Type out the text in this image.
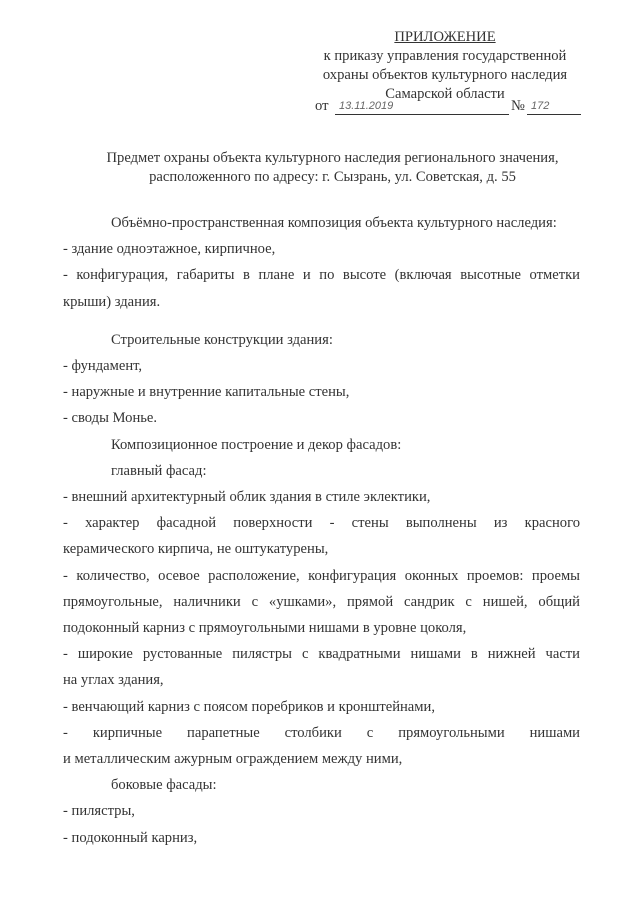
ПРИЛОЖЕНИЕ
к приказу управления государственной
охраны объектов культурного наследия
Самарской области
от 13.11.2019	№ 172
Предмет охраны объекта культурного наследия регионального значения,
расположенного по адресу: г. Сызрань, ул. Советская, д. 55

Объёмно-пространственная композиция объекта культурного наследия:

- здание одноэтажное, кирпичное,

- конфигурация, габариты в плане и по высоте (включая высотные отметки

крыши) здания.

Строительные конструкции здания:

- фундамент,

- наружные и внутренние капитальные стены,

- своды Монье.

Композиционное построение и декор фасадов:

главный фасад:

- внешний архитектурный облик здания в стиле эклектики,

- характер фасадной поверхности - стены выполнены из красного

керамического кирпича, не оштукатурены,

- количество, осевое расположение, конфигурация оконных проемов: проемы

прямоугольные, наличники с «ушками», прямой сандрик с нишей, общий

подоконный карниз с прямоугольными нишами в уровне цоколя,

- широкие рустованные пилястры с квадратными нишами в нижней части

на углах здания,

- венчающий карниз с поясом поребриков и кронштейнами,

- кирпичные парапетные столбики с прямоугольными нишами

и металлическим ажурным ограждением между ними,

боковые фасады:

- пилястры,

- подоконный карниз,
